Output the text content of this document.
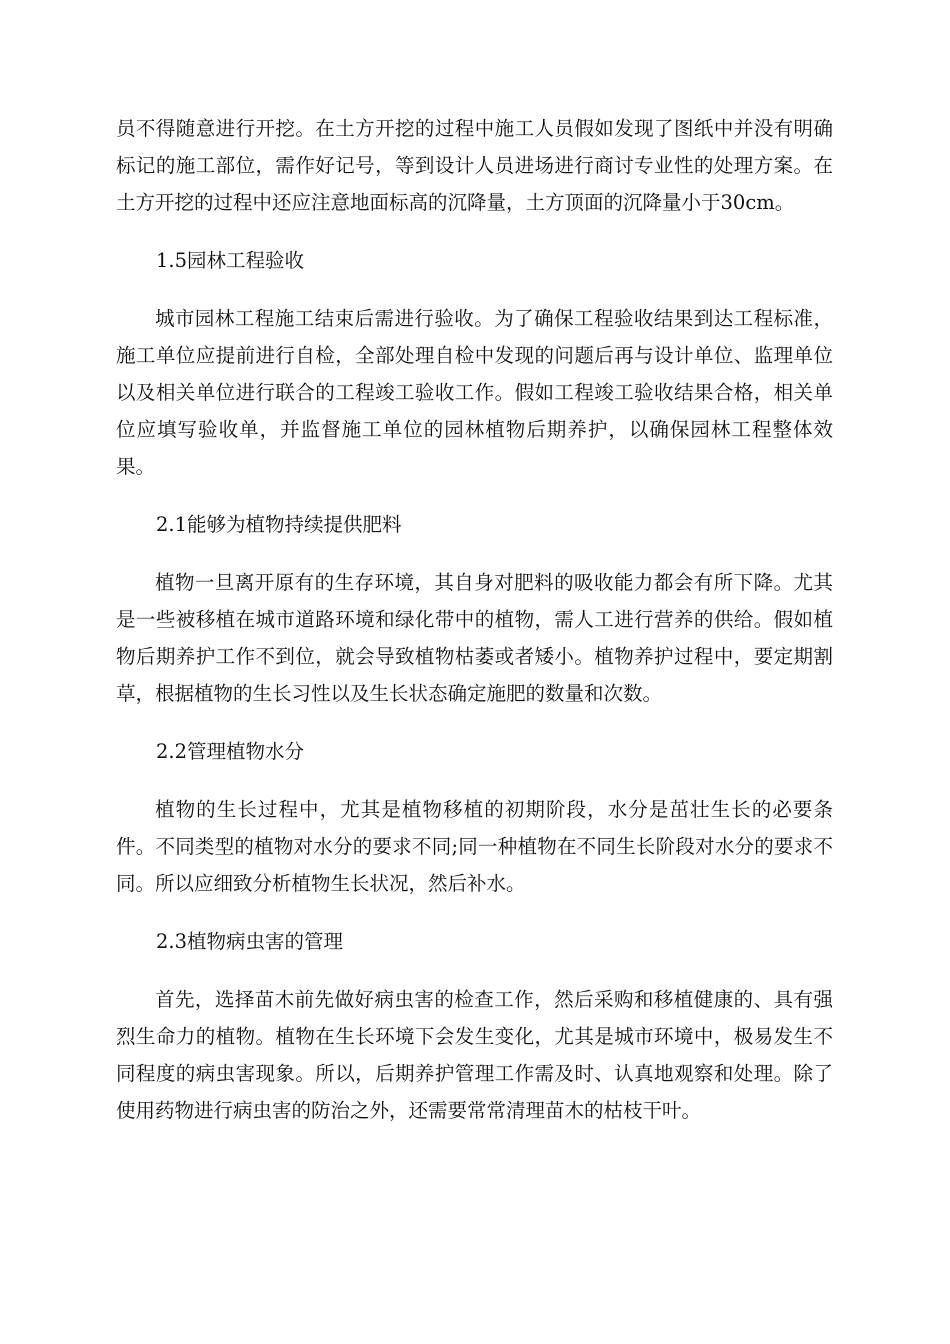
员不得随意进行开挖。在土方开挖的过程中施工人员假如发现了图纸中并没有明确标记的施工部位，需作好记号，等到设计人员进场进行商讨专业性的处理方案。在土方开挖的过程中还应注意地面标高的沉降量，土方顶面的沉降量小于30cm。

1.5园林工程验收

城市园林工程施工结束后需进行验收。为了确保工程验收结果到达工程标准，施工单位应提前进行自检，全部处理自检中发现的问题后再与设计单位、监理单位以及相关单位进行联合的工程竣工验收工作。假如工程竣工验收结果合格，相关单位应填写验收单，并监督施工单位的园林植物后期养护，以确保园林工程整体效果。

2.1能够为植物持续提供肥料

植物一旦离开原有的生存环境，其自身对肥料的吸收能力都会有所下降。尤其是一些被移植在城市道路环境和绿化带中的植物，需人工进行营养的供给。假如植物后期养护工作不到位，就会导致植物枯萎或者矮小。植物养护过程中，要定期割草，根据植物的生长习性以及生长状态确定施肥的数量和次数。

2.2管理植物水分

植物的生长过程中，尤其是植物移植的初期阶段，水分是茁壮生长的必要条件。不同类型的植物对水分的要求不同;同一种植物在不同生长阶段对水分的要求不同。所以应细致分析植物生长状况，然后补水。

2.3植物病虫害的管理

首先，选择苗木前先做好病虫害的检查工作，然后采购和移植健康的、具有强烈生命力的植物。植物在生长环境下会发生变化，尤其是城市环境中，极易发生不同程度的病虫害现象。所以，后期养护管理工作需及时、认真地观察和处理。除了使用药物进行病虫害的防治之外，还需要常常清理苗木的枯枝干叶。
